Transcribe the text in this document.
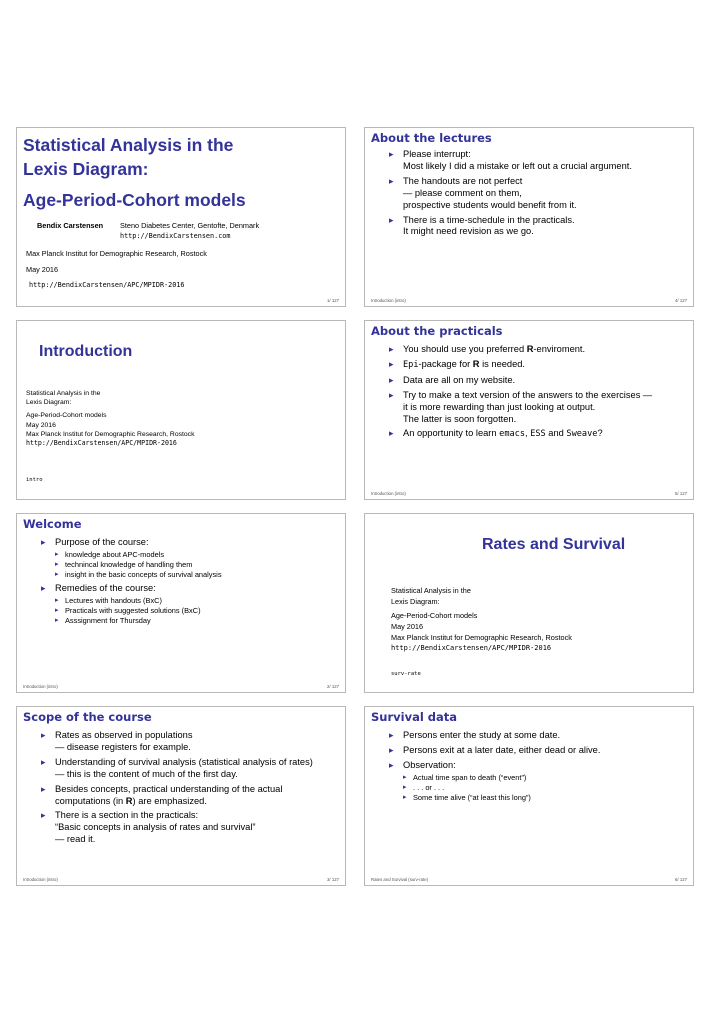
Statistical Analysis in the
Lexis Diagram:
Age-Period-Cohort models
Bendix Carstensen Steno Diabetes Center, Gentofte, Denmark
http://BendixCarstensen.com
Max Planck Institut for Demographic Research, Rostock
May 2016
http://BendixCarstensen/APC/MPIDR-2016
1/ 127
About the lectures
▸ Please interrupt:
Most likely I did a mistake or left out a crucial argument.
▸ The handouts are not perfect
— please comment on them,
prospective students would benefit from it.
▸ There is a time-schedule in the practicals.
It might need revision as we go.
Introduction (intro)	4/ 127
Introduction
Statistical Analysis in the
Lexis Diagram:
Age-Period-Cohort models
May 2016
Max Planck Institut for Demographic Research, Rostock
http://BendixCarstensen/APC/MPIDR-2016
intro
About the practicals
▸ You should use you preferred R-enviroment.
▸ Epi-package for R is needed.
▸ Data are all on my website.
▸ Try to make a text version of the answers to the exercises —
it is more rewarding than just looking at output.
The latter is soon forgotten.
▸ An opportunity to learn emacs, ESS and Sweave?
Introduction (intro)	5/ 127
Welcome
▸ Purpose of the course:
▸ knowledge about APC-models
▸ technincal knowledge of handling them
▸ insight in the basic concepts of survival analysis
▸ Remedies of the course:
▸ Lectures with handouts (BxC)
▸ Practicals with suggested solutions (BxC)
▸ Asssignment for Thursday
Introduction (intro)	2/ 127
Rates and Survival
Statistical Analysis in the
Lexis Diagram:
Age-Period-Cohort models
May 2016
Max Planck Institut for Demographic Research, Rostock
http://BendixCarstensen/APC/MPIDR-2016
surv-rate
Scope of the course
▸ Rates as observed in populations
— disease registers for example.
▸ Understanding of survival analysis (statistical analysis of rates)
— this is the content of much of the first day.
▸ Besides concepts, practical understanding of the actual
computations (in R) are emphasized.
▸ There is a section in the practicals:
“Basic concepts in analysis of rates and survival”
— read it.
Introduction (intro)	3/ 127
Survival data
▸ Persons enter the study at some date.
▸ Persons exit at a later date, either dead or alive.
▸ Observation:
▸ Actual time span to death (“event”)
▸ . . . or . . .
▸ Some time alive (“at least this long”)
Rates and Survival (surv-rate)	6/ 127
